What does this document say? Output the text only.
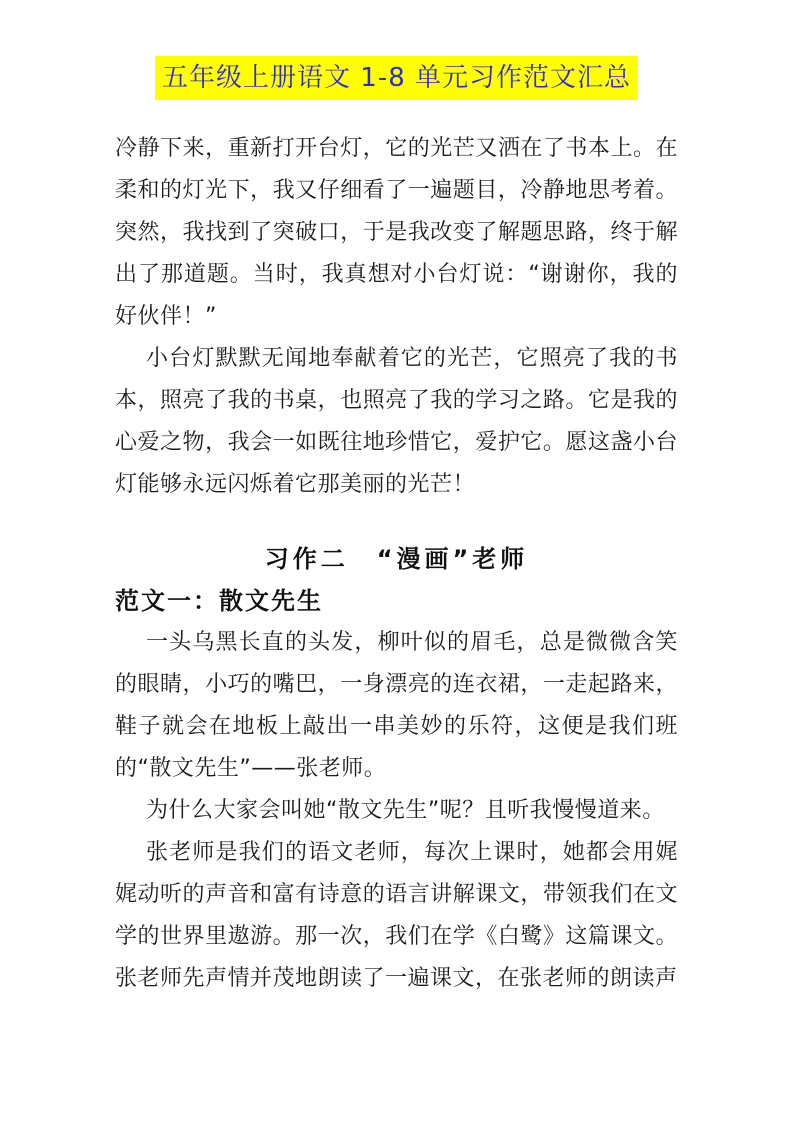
五年级上册语文 1-8 单元习作范文汇总

冷静下来，重新打开台灯，它的光芒又洒在了书本上。在柔和的灯光下，我又仔细看了一遍题目，冷静地思考着。突然，我找到了突破口，于是我改变了解题思路，终于解出了那道题。当时，我真想对小台灯说：“谢谢你，我的好伙伴！”

小台灯默默无闻地奉献着它的光芒，它照亮了我的书本，照亮了我的书桌，也照亮了我的学习之路。它是我的心爱之物，我会一如既往地珍惜它，爱护它。愿这盏小台灯能够永远闪烁着它那美丽的光芒！

习作二　“漫画”老师
范文一：散文先生

一头乌黑长直的头发，柳叶似的眉毛，总是微微含笑的眼睛，小巧的嘴巴，一身漂亮的连衣裙，一走起路来，鞋子就会在地板上敲出一串美妙的乐符，这便是我们班的“散文先生”——张老师。

为什么大家会叫她“散文先生”呢？且听我慢慢道来。

张老师是我们的语文老师，每次上课时，她都会用娓娓动听的声音和富有诗意的语言讲解课文，带领我们在文学的世界里遨游。那一次，我们在学《白鹭》这篇课文。张老师先声情并茂地朗读了一遍课文，在张老师的朗读声
